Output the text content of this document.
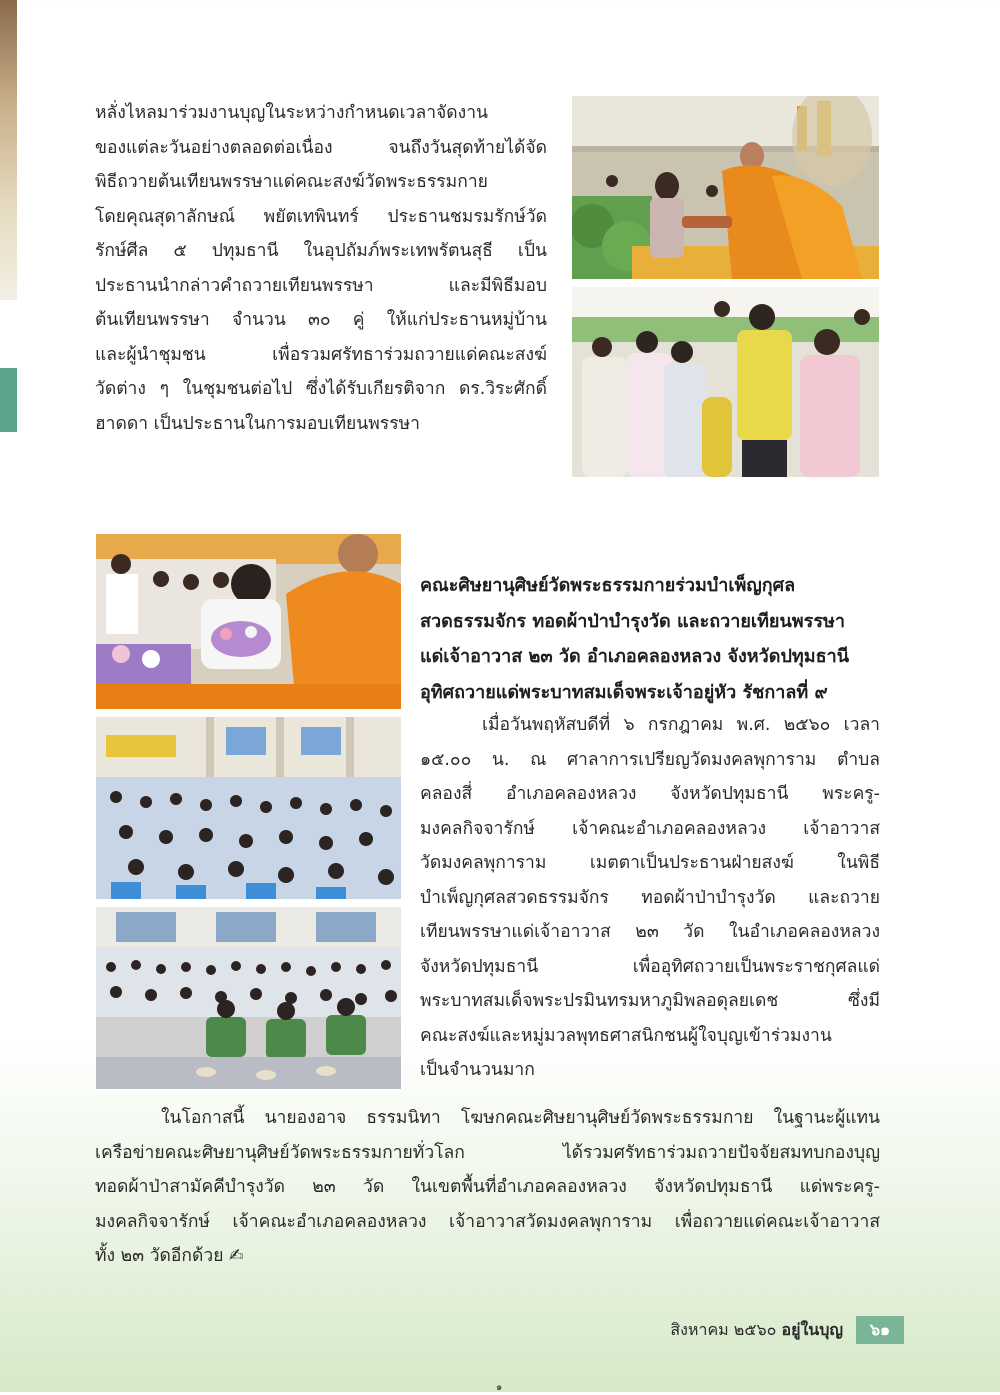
หลั่งไหลมาร่วมงานบุญในระหว่างกำหนดเวลาจัดงาน
ของแต่ละวันอย่างตลอดต่อเนื่อง จนถึงวันสุดท้ายได้จัด
พิธีถวายต้นเทียนพรรษาแด่คณะสงฆ์วัดพระธรรมกาย
โดยคุณสุดาลักษณ์ พยัตเทพินทร์ ประธานชมรมรักษ์วัด
รักษ์ศีล ๕ ปทุมธานี ในอุปถัมภ์พระเทพรัตนสุธี เป็น
ประธานนำกล่าวคำถวายเทียนพรรษา และมีพิธีมอบ
ต้นเทียนพรรษา จำนวน ๓๐ คู่ ให้แก่ประธานหมู่บ้าน
และผู้นำชุมชน เพื่อรวมศรัทธาร่วมถวายแด่คณะสงฆ์
วัดต่าง ๆ ในชุมชนต่อไป ซึ่งได้รับเกียรติจาก ดร.วิระศักดิ์
ฮาดดา เป็นประธานในการมอบเทียนพรรษา
คณะศิษยานุศิษย์วัดพระธรรมกายร่วมบำเพ็ญกุศล
สวดธรรมจักร ทอดผ้าป่าบำรุงวัด และถวายเทียนพรรษา
แด่เจ้าอาวาส ๒๓ วัด อำเภอคลองหลวง จังหวัดปทุมธานี
อุทิศถวายแด่พระบาทสมเด็จพระเจ้าอยู่หัว รัชกาลที่ ๙
เมื่อวันพฤหัสบดีที่ ๖ กรกฎาคม พ.ศ. ๒๕๖๐ เวลา
๑๕.๐๐ น. ณ ศาลาการเปรียญวัดมงคลพุการาม ตำบล
คลองสี่ อำเภอคลองหลวง จังหวัดปทุมธานี พระครู-
มงคลกิจจารักษ์ เจ้าคณะอำเภอคลองหลวง เจ้าอาวาส
วัดมงคลพุการาม เมตตาเป็นประธานฝ่ายสงฆ์ ในพิธี
บำเพ็ญกุศลสวดธรรมจักร ทอดผ้าป่าบำรุงวัด และถวาย
เทียนพรรษาแด่เจ้าอาวาส ๒๓ วัด ในอำเภอคลองหลวง
จังหวัดปทุมธานี เพื่ออุทิศถวายเป็นพระราชกุศลแด่
พระบาทสมเด็จพระปรมินทรมหาภูมิพลอดุลยเดช ซึ่งมี
คณะสงฆ์และหมู่มวลพุทธศาสนิกชนผู้ใจบุญเข้าร่วมงาน
เป็นจำนวนมาก
ในโอกาสนี้ นายองอาจ ธรรมนิทา โฆษกคณะศิษยานุศิษย์วัดพระธรรมกาย ในฐานะผู้แทน
เครือข่ายคณะศิษยานุศิษย์วัดพระธรรมกายทั่วโลก ได้รวมศรัทธาร่วมถวายปัจจัยสมทบกองบุญ
ทอดผ้าป่าสามัคคีบำรุงวัด ๒๓ วัด ในเขตพื้นที่อำเภอคลองหลวง จังหวัดปทุมธานี แด่พระครู-
มงคลกิจจารักษ์ เจ้าคณะอำเภอคลองหลวง เจ้าอาวาสวัดมงคลพุการาม เพื่อถวายแด่คณะเจ้าอาวาส
ทั้ง ๒๓ วัดอีกด้วย ✍
สิงหาคม ๒๕๖๐ อยู่ในบุญ ๖๑
๑
